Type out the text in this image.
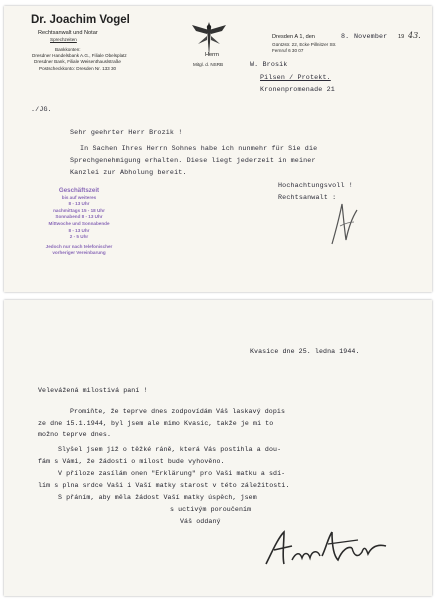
Dr. Joachim Vogel
Rechtsanwalt und Notar
Sprechzeiten
Bankkonten:
Dresdner Handelsbank A.G., Filiale Obelsplatz
Dresdner Bank, Filiale Weisenthauslstraße
Postscheckkonto: Dresden Nr. 133 30
Mitgl. d. NSRB
Dresden A 1, den	8. November 19 43.
Güntzstr. 22, Ecke Pillnitzer Str.
Fernruf 6 30 07
Herrn
W. Brosik
Pilsen / Protekt.
Kronenpromenade 21
./JG.
Sehr geehrter Herr Brozik !
In Sachen Ihres Herrn Sohnes habe ich nunmehr für Sie die
Sprechgenehmigung erhalten. Diese liegt jederzeit in meiner
Kanzlei zur Abholung bereit.
Hochachtungsvoll !
Rechtsanwalt :
Geschäftszeit
bis auf weiteres
8 - 13 Uhr
nachmittags 15 - 18 Uhr
Sonnabend 8 - 13 Uhr
Mittwoche und Sonnabende
8 - 13 Uhr
2 - 5 Uhr
Jedoch nur nach telefonischer
vorheriger Vereinbarung
Kvasice dne 25. ledna 1944.
Velevážená milostivá paní !
Promiňte, že teprve dnes zodpovídám Váš laskavý dopis
ze dne 15.1.1944, byl jsem ale mimo Kvasic, takže je mi to
možno teprve dnes.
Slyšel jsem již o těžké ráně, která Vás postihla a dou-
fám s Vámi, že žádosti o milost bude vyhověno.
V příloze zasílám onen "Erklärung" pro Vaši matku a sdí-
lím s plna srdce Vaši i Vaší matky starost v této záležitosti.
S přáním, aby měla žádost Vaší matky úspěch, jsem
s uctivým poroučením
Váš oddaný
